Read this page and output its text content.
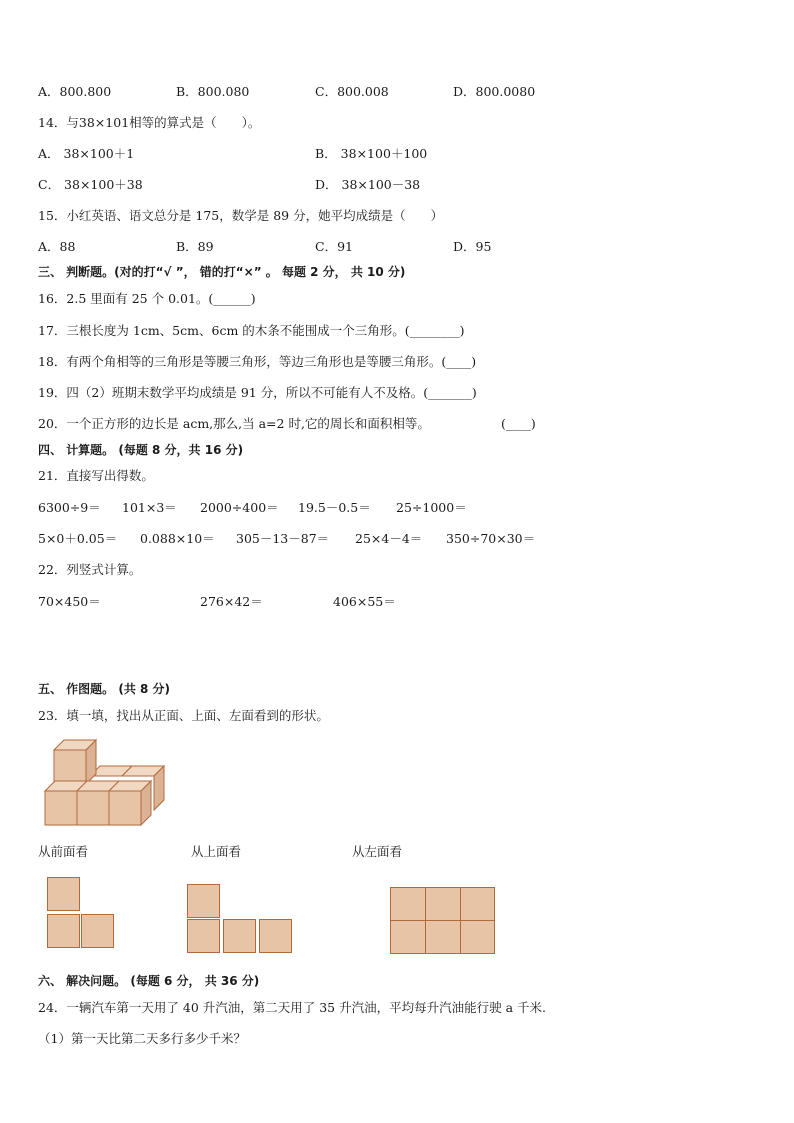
A．800.800	B．800.080	C．800.008	D．800.0080
14．与38×101相等的算式是（　　）。
A． 38×100＋1	B． 38×100＋100
C． 38×100＋38	D． 38×100－38
15．小红英语、语文总分是 175，数学是 89 分，她平均成绩是（　　）
A．88	B．89	C．91	D．95
三、 判断题。(对的打“√ ”， 错的打“×” 。 每题 2 分， 共 10 分)
16．2.5 里面有 25 个 0.01。(______)
17．三根长度为 1cm、5cm、6cm 的木条不能围成一个三角形。(________)
18．有两个角相等的三角形是等腰三角形，等边三角形也是等腰三角形。(____)
19．四（2）班期末数学平均成绩是 91 分，所以不可能有人不及格。(_______)
20．一个正方形的边长是 acm,那么,当 a=2 时,它的周长和面积相等。	(____)
四、 计算题。 (每题 8 分，共 16 分)
21．直接写出得数。
6300÷9＝ 101×3＝ 2000÷400＝ 19.5－0.5＝ 25÷1000＝
5×0＋0.05＝ 0.088×10＝ 305－13－87＝ 25×4－4＝ 350÷70×30＝
22．列竖式计算。
70×450＝	276×42＝	406×55＝
五、 作图题。 (共 8 分)
23．填一填，找出从正面、上面、左面看到的形状。
从前面看	从上面看	从左面看
六、 解决问题。 (每题 6 分， 共 36 分)
24．一辆汽车第一天用了 40 升汽油，第二天用了 35 升汽油，平均每升汽油能行驶 a 千米.
（1）第一天比第二天多行多少千米？
